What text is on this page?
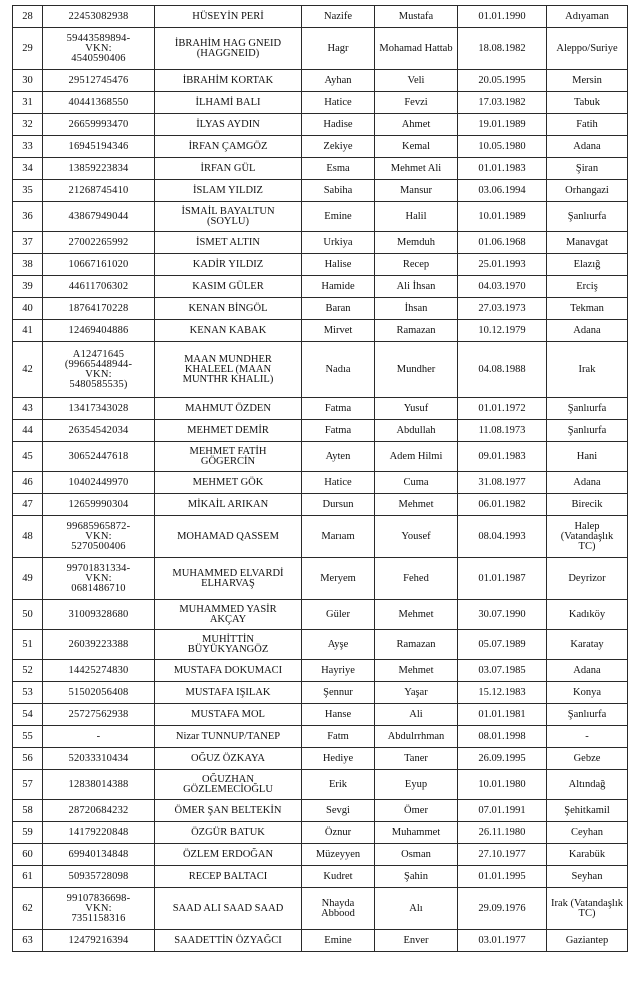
28	22453082938	HÜSEYİN PERİ	Nazife	Mustafa	01.01.1990	Adıyaman
29	59443589894-
VKN:
4540590406	İBRAHİM HAG GNEID
(HAGGNEID)	Hagr	Mohamad Hattab	18.08.1982	Aleppo/Suriye
30	29512745476	İBRAHİM KORTAK	Ayhan	Veli	20.05.1995	Mersin
31	40441368550	İLHAMİ BALI	Hatice	Fevzi	17.03.1982	Tabuk
32	26659993470	İLYAS AYDIN	Hadise	Ahmet	19.01.1989	Fatih
33	16945194346	İRFAN ÇAMGÖZ	Zekiye	Kemal	10.05.1980	Adana
34	13859223834	İRFAN GÜL	Esma	Mehmet Ali	01.01.1983	Şiran
35	21268745410	İSLAM YILDIZ	Sabiha	Mansur	03.06.1994	Orhangazi
36	43867949044	İSMAİL BAYALTUN
(SOYLU)	Emine	Halil	10.01.1989	Şanlıurfa
37	27002265992	İSMET ALTIN	Urkiya	Memduh	01.06.1968	Manavgat
38	10667161020	KADİR YILDIZ	Halise	Recep	25.01.1993	Elazığ
39	44611706302	KASIM GÜLER	Hamide	Ali İhsan	04.03.1970	Erciş
40	18764170228	KENAN BİNGÖL	Baran	İhsan	27.03.1973	Tekman
41	12469404886	KENAN KABAK	Mirvet	Ramazan	10.12.1979	Adana
42	A12471645
(99665448944-
VKN:
5480585535)	MAAN MUNDHER
KHALEEL (MAAN
MUNTHR KHALIL)	Nadıa	Mundher	04.08.1988	Irak
43	13417343028	MAHMUT ÖZDEN	Fatma	Yusuf	01.01.1972	Şanlıurfa
44	26354542034	MEHMET DEMİR	Fatma	Abdullah	11.08.1973	Şanlıurfa
45	30652447618	MEHMET FATİH
GÖGERCİN	Ayten	Adem Hilmi	09.01.1983	Hani
46	10402449970	MEHMET GÖK	Hatice	Cuma	31.08.1977	Adana
47	12659990304	MİKAİL ARIKAN	Dursun	Mehmet	06.01.1982	Birecik
48	99685965872-
VKN:
5270500406	MOHAMAD QASSEM	Marıam	Yousef	08.04.1993	Halep (Vatandaşlık
TC)
49	99701831334-
VKN:
0681486710	MUHAMMED ELVARDİ
ELHARVAŞ	Meryem	Fehed	01.01.1987	Deyrizor
50	31009328680	MUHAMMED YASİR
AKÇAY	Güler	Mehmet	30.07.1990	Kadıköy
51	26039223388	MUHİTTİN
BÜYÜKYANGÖZ	Ayşe	Ramazan	05.07.1989	Karatay
52	14425274830	MUSTAFA DOKUMACI	Hayriye	Mehmet	03.07.1985	Adana
53	51502056408	MUSTAFA IŞILAK	Şennur	Yaşar	15.12.1983	Konya
54	25727562938	MUSTAFA MOL	Hanse	Ali	01.01.1981	Şanlıurfa
55	-	Nizar TUNNUP/TANEP	Fatm	Abdulrrhman	08.01.1998	-
56	52033310434	OĞUZ ÖZKAYA	Hediye	Taner	26.09.1995	Gebze
57	12838014388	OĞUZHAN
GÖZLEMECİOĞLU	Erik	Eyup	10.01.1980	Altındağ
58	28720684232	ÖMER ŞAN BELTEKİN	Sevgi	Ömer	07.01.1991	Şehitkamil
59	14179220848	ÖZGÜR BATUK	Öznur	Muhammet	26.11.1980	Ceyhan
60	69940134848	ÖZLEM ERDOĞAN	Müzeyyen	Osman	27.10.1977	Karabük
61	50935728098	RECEP BALTACI	Kudret	Şahin	01.01.1995	Seyhan
62	99107836698-
VKN:
7351158316	SAAD ALI SAAD SAAD	Nhayda
Abbood	Alı	29.09.1976	Irak (Vatandaşlık TC)
63	12479216394	SAADETTİN ÖZYAĞCI	Emine	Enver	03.01.1977	Gaziantep
